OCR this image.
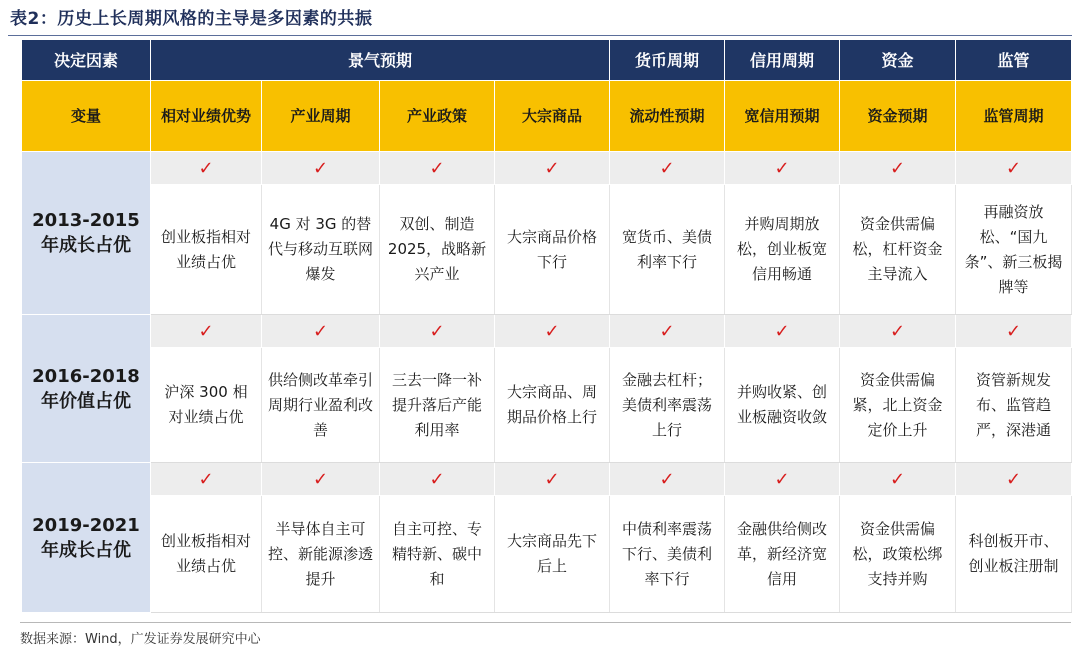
表2：历史上长周期风格的主导是多因素的共振
决定因素	景气预期				货币周期	信用周期	资金	监管
变量	相对业绩优势	产业周期	产业政策	大宗商品	流动性预期	宽信用预期	资金预期	监管周期
2013-2015 年成长占优	✓	✓	✓	✓	✓	✓	✓	✓
	创业板指相对业绩占优	4G 对 3G 的替代与移动互联网爆发	双创、制造2025，战略新兴产业	大宗商品价格下行	宽货币、美债利率下行	并购周期放松，创业板宽信用畅通	资金供需偏松，杠杆资金主导流入	再融资放松、“国九条”、新三板揭牌等
2016-2018 年价值占优	✓	✓	✓	✓	✓	✓	✓	✓
	沪深 300 相对业绩占优	供给侧改革牵引周期行业盈利改善	三去一降一补提升落后产能利用率	大宗商品、周期品价格上行	金融去杠杆；美债利率震荡上行	并购收紧、创业板融资收敛	资金供需偏紧，北上资金定价上升	资管新规发布、监管趋严，深港通
2019-2021 年成长占优	✓	✓	✓	✓	✓	✓	✓	✓
	创业板指相对业绩占优	半导体自主可控、新能源渗透提升	自主可控、专精特新、碳中和	大宗商品先下后上	中债利率震荡下行、美债利率下行	金融供给侧改革，新经济宽信用	资金供需偏松，政策松绑支持并购	科创板开市、创业板注册制
数据来源：Wind，广发证券发展研究中心
